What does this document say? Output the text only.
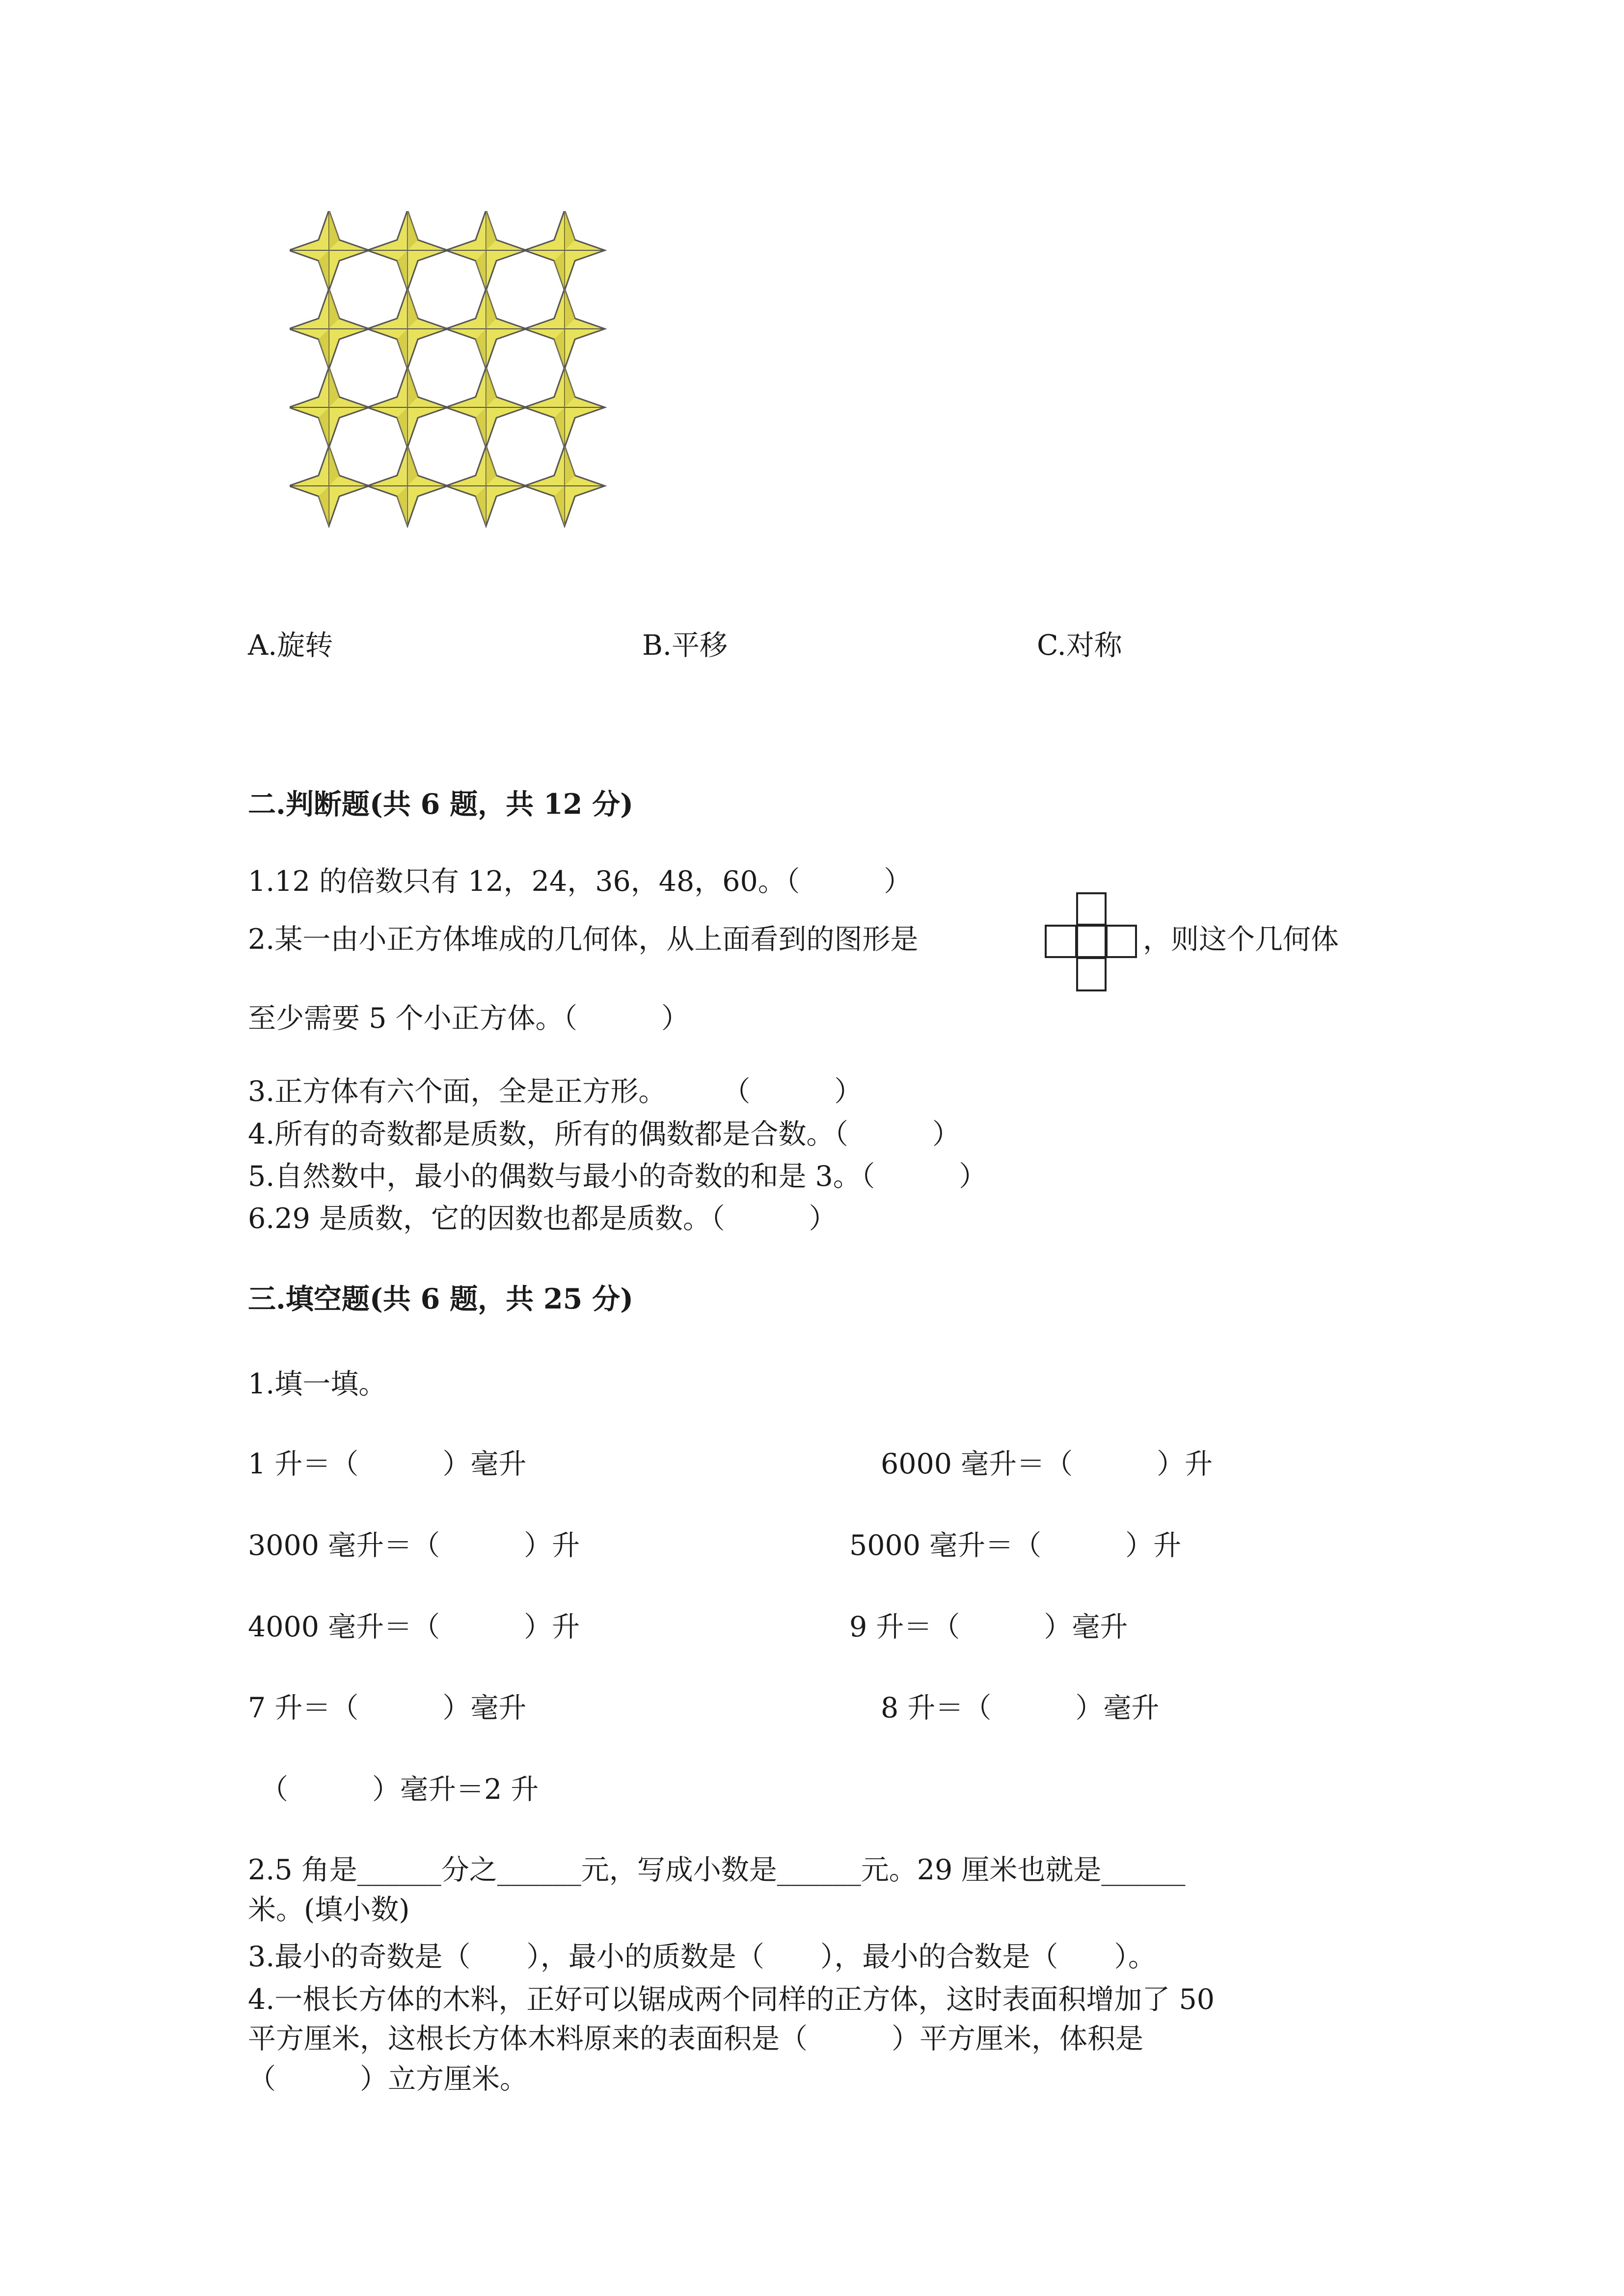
A.旋转	B.平移	C.对称
二.判断题(共 6 题，共 12 分)
1.12 的倍数只有 12，24，36，48，60。（　　　）
2.某一由小正方体堆成的几何体，从上面看到的图形是	，则这个几何体
至少需要 5 个小正方体。（　　　）
3.正方体有六个面，全是正方形。　　　（　　　）
4.所有的奇数都是质数，所有的偶数都是合数。（　　　）
5.自然数中，最小的偶数与最小的奇数的和是 3。（　　　）
6.29 是质数，它的因数也都是质数。（　　　）
三.填空题(共 6 题，共 25 分)
1.填一填。
1 升＝（　　　）毫升	6000 毫升＝（　　　）升
3000 毫升＝（　　　）升	5000 毫升＝（　　　）升
4000 毫升＝（　　　）升	9 升＝（　　　）毫升
7 升＝（　　　）毫升	8 升＝（　　　）毫升
（　　　）毫升＝2 升
2.5 角是______分之______元，写成小数是______元。29 厘米也就是______
米。(填小数)
3.最小的奇数是（　　），最小的质数是（　　），最小的合数是（　　）。
4.一根长方体的木料，正好可以锯成两个同样的正方体，这时表面积增加了 50
平方厘米，这根长方体木料原来的表面积是（　　　）平方厘米，体积是
（　　　）立方厘米。
